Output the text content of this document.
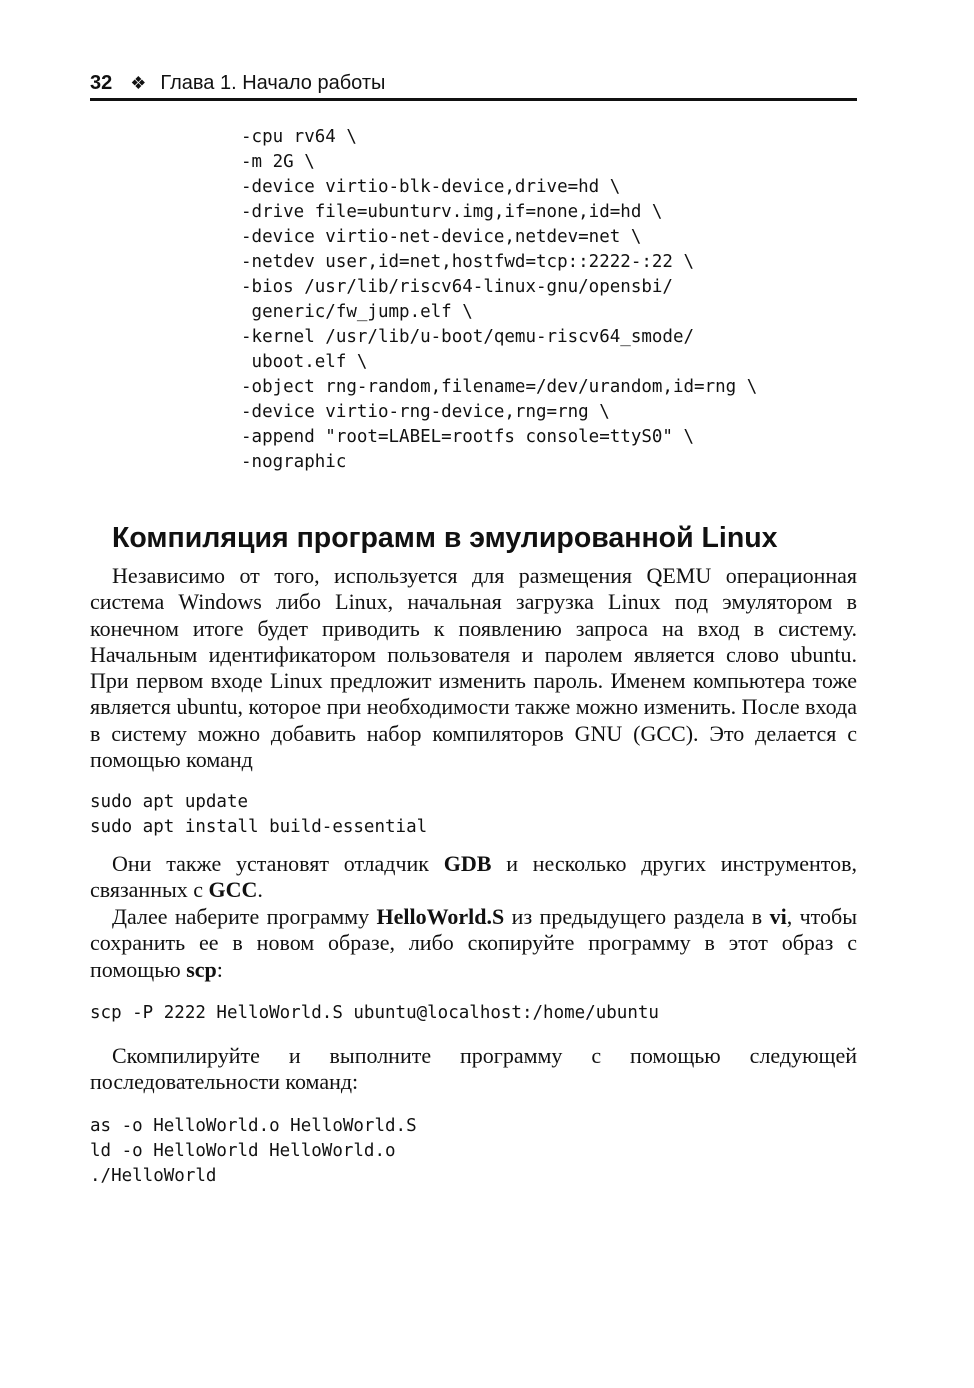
32 ❖ Глава 1. Начало работы
-cpu rv64 \
-m 2G \
-device virtio-blk-device,drive=hd \
-drive file=ubunturv.img,if=none,id=hd \
-device virtio-net-device,netdev=net \
-netdev user,id=net,hostfwd=tcp::2222-:22 \
-bios /usr/lib/riscv64-linux-gnu/opensbi/
generic/fw_jump.elf \
-kernel /usr/lib/u-boot/qemu-riscv64_smode/
uboot.elf \
-object rng-random,filename=/dev/urandom,id=rng \
-device virtio-rng-device,rng=rng \
-append "root=LABEL=rootfs console=ttyS0" \
-nographic
Компиляция программ в эмулированной Linux

Независимо от того, используется для размещения QEMU операционная система Windows либо Linux, начальная загрузка Linux под эмулятором в конечном итоге будет приводить к появлению запроса на вход в систему. Начальным идентификатором пользователя и паролем является слово ubuntu. При первом входе Linux предложит изменить пароль. Именем компьютера тоже является ubuntu, которое при необходимости также можно изменить. После входа в систему можно добавить набор компиляторов GNU (GCC). Это делается с помощью команд

sudo apt update
sudo apt install build-essential

Они также установят отладчик GDB и несколько других инструментов, связанных с GCC.

Далее наберите программу HelloWorld.S из предыдущего раздела в vi, чтобы сохранить ее в новом образе, либо скопируйте программу в этот образ с помощью scp:

scp -P 2222 HelloWorld.S ubuntu@localhost:/home/ubuntu

Скомпилируйте и выполните программу с помощью следующей последовательности команд:

as -o HelloWorld.o HelloWorld.S
ld -o HelloWorld HelloWorld.o
./HelloWorld
